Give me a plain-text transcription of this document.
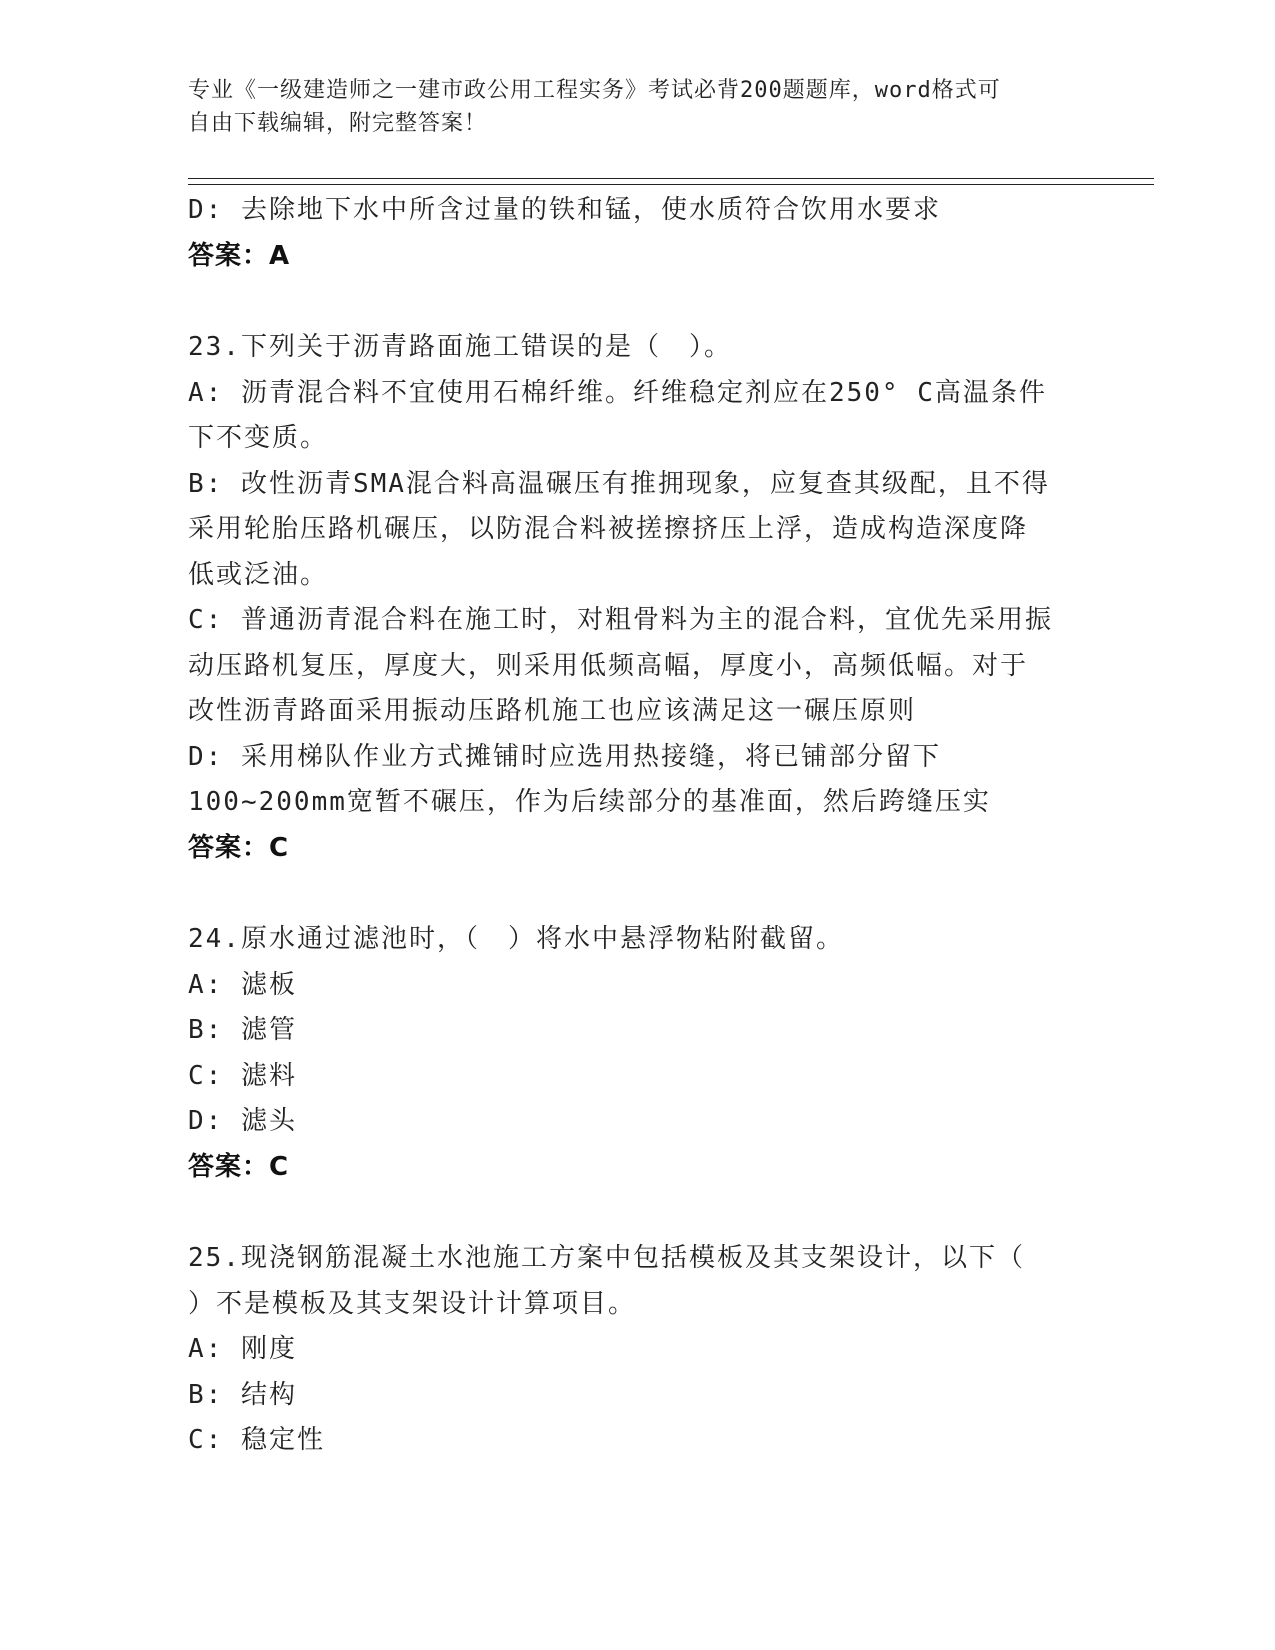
专业《一级建造师之一建市政公用工程实务》考试必背200题题库，word格式可
自由下载编辑，附完整答案！
D: 去除地下水中所含过量的铁和锰，使水质符合饮用水要求
答案：A
23.下列关于沥青路面施工错误的是（　）。
A: 沥青混合料不宜使用石棉纤维。纤维稳定剂应在250° C高温条件
下不变质。
B: 改性沥青SMA混合料高温碾压有推拥现象，应复查其级配，且不得
采用轮胎压路机碾压，以防混合料被搓擦挤压上浮，造成构造深度降
低或泛油。
C: 普通沥青混合料在施工时，对粗骨料为主的混合料，宜优先采用振
动压路机复压，厚度大，则采用低频高幅，厚度小，高频低幅。对于
改性沥青路面采用振动压路机施工也应该满足这一碾压原则
D: 采用梯队作业方式摊铺时应选用热接缝，将已铺部分留下
100~200mm宽暂不碾压，作为后续部分的基准面，然后跨缝压实
答案：C
24.原水通过滤池时，（　）将水中悬浮物粘附截留。
A: 滤板
B: 滤管
C: 滤料
D: 滤头
答案：C
25.现浇钢筋混凝土水池施工方案中包括模板及其支架设计，以下（
）不是模板及其支架设计计算项目。
A: 刚度
B: 结构
C: 稳定性
